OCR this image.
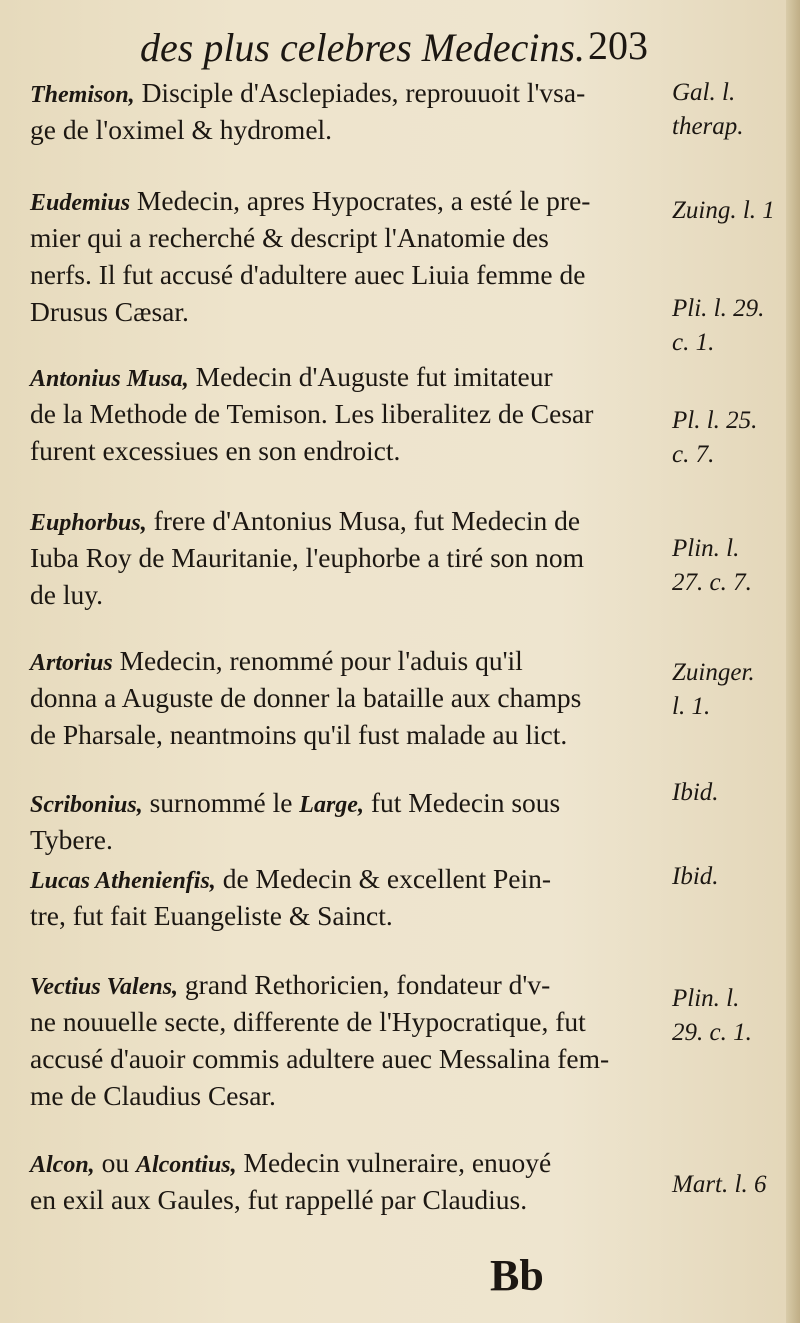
des plus celebres Medecins. 203
Themison, Disciple d'Asclepiades, reprouuoit l'vsa-
ge de l'oximel & hydromel.
Eudemius Medecin, apres Hypocrates, a esté le pre-
mier qui a recherché & descript l'Anatomie des
nerfs. Il fut accusé d'adultere auec Liuia femme de
Drusus Cæsar.
Antonius Musa, Medecin d'Auguste fut imitateur
de la Methode de Temison. Les liberalitez de Cesar
furent excessiues en son endroict.
Euphorbus, frere d'Antonius Musa, fut Medecin de
Iuba Roy de Mauritanie, l'euphorbe a tiré son nom
de luy.
Artorius Medecin, renommé pour l'aduis qu'il
donna a Auguste de donner la bataille aux champs
de Pharsale, neantmoins qu'il fust malade au lict.
Scribonius, surnommé le Large, fut Medecin sous
Tybere.
Lucas Athenienfis, de Medecin & excellent Pein-
tre, fut fait Euangeliste & Sainct.
Vectius Valens, grand Rethoricien, fondateur d'v-
ne nouuelle secte, differente de l'Hypocratique, fut
accusé d'auoir commis adultere auec Messalina fem-
me de Claudius Cesar.
Alcon, ou Alcontius, Medecin vulneraire, enuoyé
en exil aux Gaules, fut rappellé par Claudius.
Gal. l.
therap.
Zuing. l. 1
Pli. l. 29.
c. 1.
Pl. l. 25.
c. 7.
Plin. l.
27. c. 7.
Zuinger.
l. 1.
Ibid.
Ibid.
Plin. l.
29. c. 1.
Mart. l. 6
Bb
